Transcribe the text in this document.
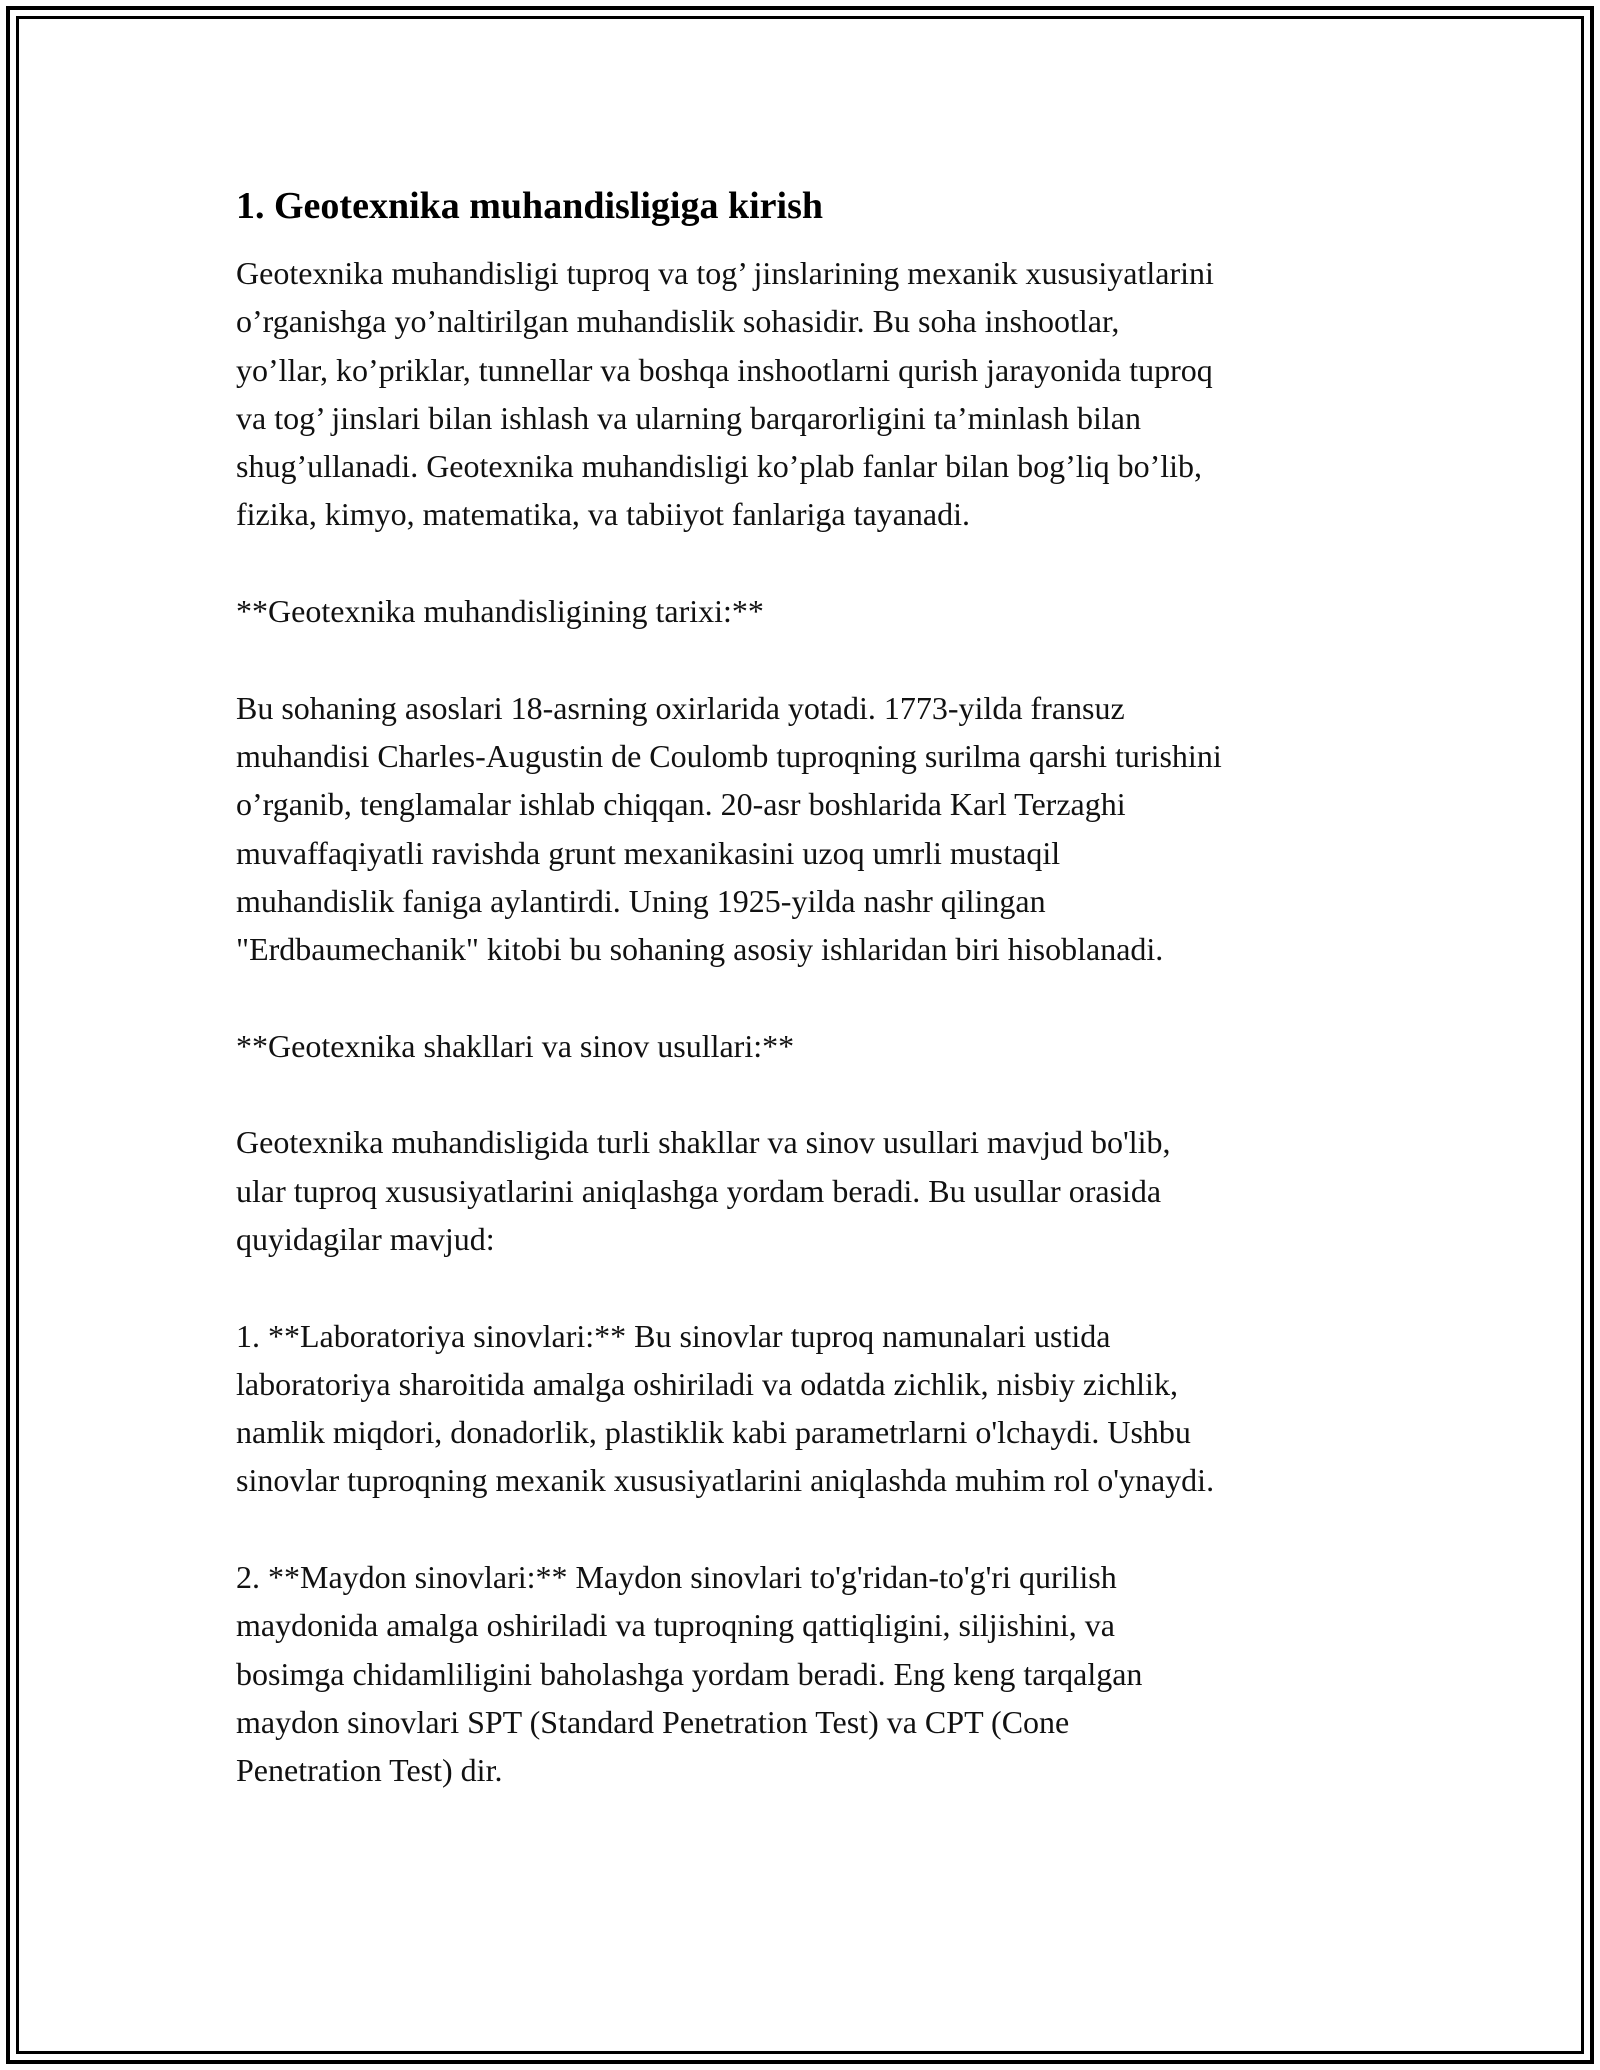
1. Geotexnika muhandisligiga kirish
Geotexnika muhandisligi tuproq va tog’ jinslarining mexanik xususiyatlarini
o’rganishga yo’naltirilgan muhandislik sohasidir. Bu soha inshootlar,
yo’llar, ko’priklar, tunnellar va boshqa inshootlarni qurish jarayonida tuproq
va tog’ jinslari bilan ishlash va ularning barqarorligini ta’minlash bilan
shug’ullanadi. Geotexnika muhandisligi ko’plab fanlar bilan bog’liq bo’lib,
fizika, kimyo, matematika, va tabiiyot fanlariga tayanadi.
**Geotexnika muhandisligining tarixi:**
Bu sohaning asoslari 18-asrning oxirlarida yotadi. 1773-yilda fransuz
muhandisi Charles-Augustin de Coulomb tuproqning surilma qarshi turishini
o’rganib, tenglamalar ishlab chiqqan. 20-asr boshlarida Karl Terzaghi
muvaffaqiyatli ravishda grunt mexanikasini uzoq umrli mustaqil
muhandislik faniga aylantirdi. Uning 1925-yilda nashr qilingan
"Erdbaumechanik" kitobi bu sohaning asosiy ishlaridan biri hisoblanadi.
**Geotexnika shakllari va sinov usullari:**
Geotexnika muhandisligida turli shakllar va sinov usullari mavjud bo'lib,
ular tuproq xususiyatlarini aniqlashga yordam beradi. Bu usullar orasida
quyidagilar mavjud:
1. **Laboratoriya sinovlari:** Bu sinovlar tuproq namunalari ustida
laboratoriya sharoitida amalga oshiriladi va odatda zichlik, nisbiy zichlik,
namlik miqdori, donadorlik, plastiklik kabi parametrlarni o'lchaydi. Ushbu
sinovlar tuproqning mexanik xususiyatlarini aniqlashda muhim rol o'ynaydi.
2. **Maydon sinovlari:** Maydon sinovlari to'g'ridan-to'g'ri qurilish
maydonida amalga oshiriladi va tuproqning qattiqligini, siljishini, va
bosimga chidamliligini baholashga yordam beradi. Eng keng tarqalgan
maydon sinovlari SPT (Standard Penetration Test) va CPT (Cone
Penetration Test) dir.
